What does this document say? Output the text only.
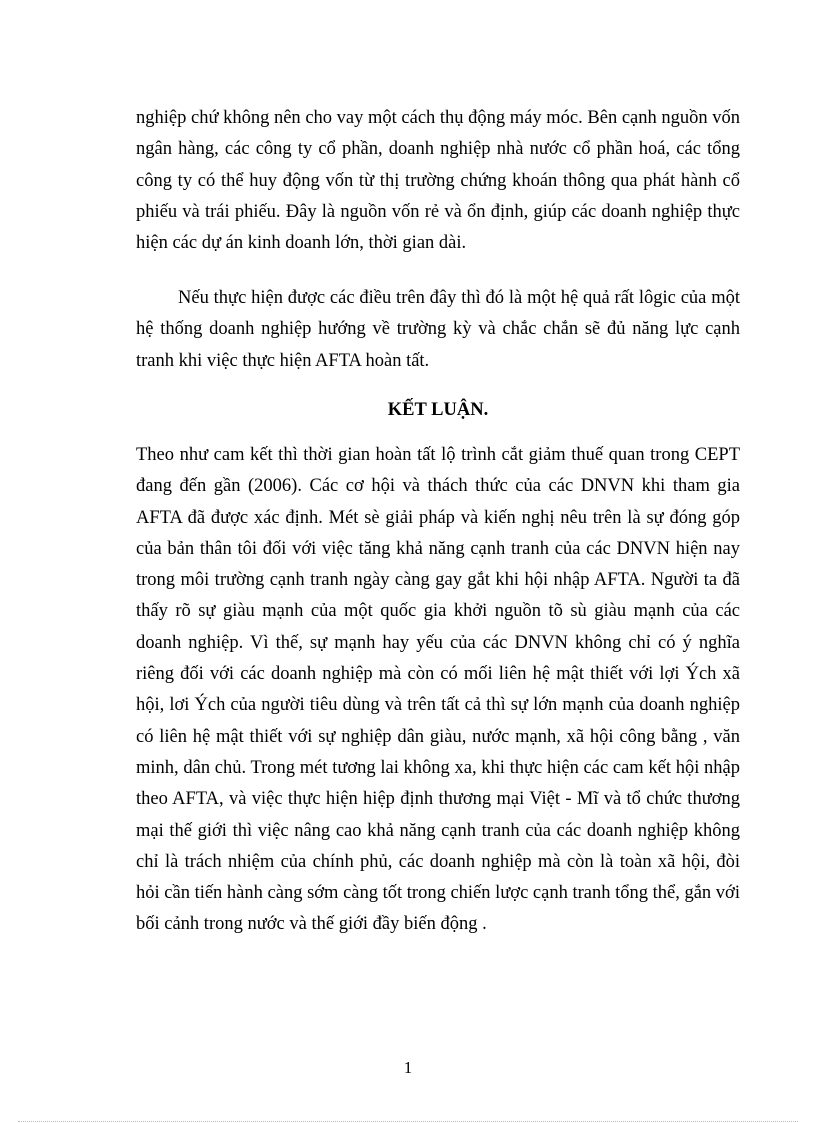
nghiệp chứ không nên cho vay một cách thụ động máy móc. Bên cạnh nguồn vốn ngân hàng, các công ty cổ phần, doanh nghiệp nhà nước cổ phần hoá, các tổng công ty có thể huy động vốn từ thị trường chứng khoán thông qua phát hành cổ phiếu và trái phiếu. Đây là nguồn vốn rẻ và ổn định, giúp các doanh nghiệp thực hiện các dự án kinh doanh lớn, thời gian dài.

Nếu thực hiện được các điều trên đây thì đó là một hệ quả rất lôgic của một hệ thống doanh nghiệp hướng về trường kỳ và chắc chắn sẽ đủ năng lực cạnh tranh khi việc thực hiện AFTA hoàn tất.

KẾT LUẬN.

Theo như cam kết thì thời gian hoàn tất lộ trình cắt giảm thuế quan trong CEPT đang đến gần (2006). Các cơ hội và thách thức của các DNVN khi tham gia AFTA đã được xác định. Mét sè giải pháp và kiến nghị nêu trên là sự đóng góp của bản thân tôi đối với việc tăng khả năng cạnh tranh của các DNVN hiện nay trong môi trường cạnh tranh ngày càng gay gắt khi hội nhập AFTA. Người ta đã thấy rõ sự giàu mạnh của một quốc gia khởi nguồn tõ sù giàu mạnh của các doanh nghiệp. Vì thế, sự mạnh hay yếu của các DNVN không chỉ có ý nghĩa riêng đối với các doanh nghiệp mà còn có mối liên hệ mật thiết với lợi Ých xã hội, lơi Ých của người tiêu dùng và trên tất cả thì sự lớn mạnh của doanh nghiệp có liên hệ mật thiết với sự nghiệp dân giàu, nước mạnh, xã hội công bằng , văn minh, dân chủ. Trong mét tương lai không xa, khi thực hiện các cam kết hội nhập theo AFTA, và việc thực hiện hiệp định thương mại Việt - Mĩ và tổ chức thương mại thế giới thì việc nâng cao khả năng cạnh tranh của các doanh nghiệp không chỉ là trách nhiệm của chính phủ, các doanh nghiệp mà còn là toàn xã hội, đòi hỏi cần tiến hành càng sớm càng tốt trong chiến lược cạnh tranh tổng thể, gắn với bối cảnh trong nước và thế giới đầy biến động .

1
